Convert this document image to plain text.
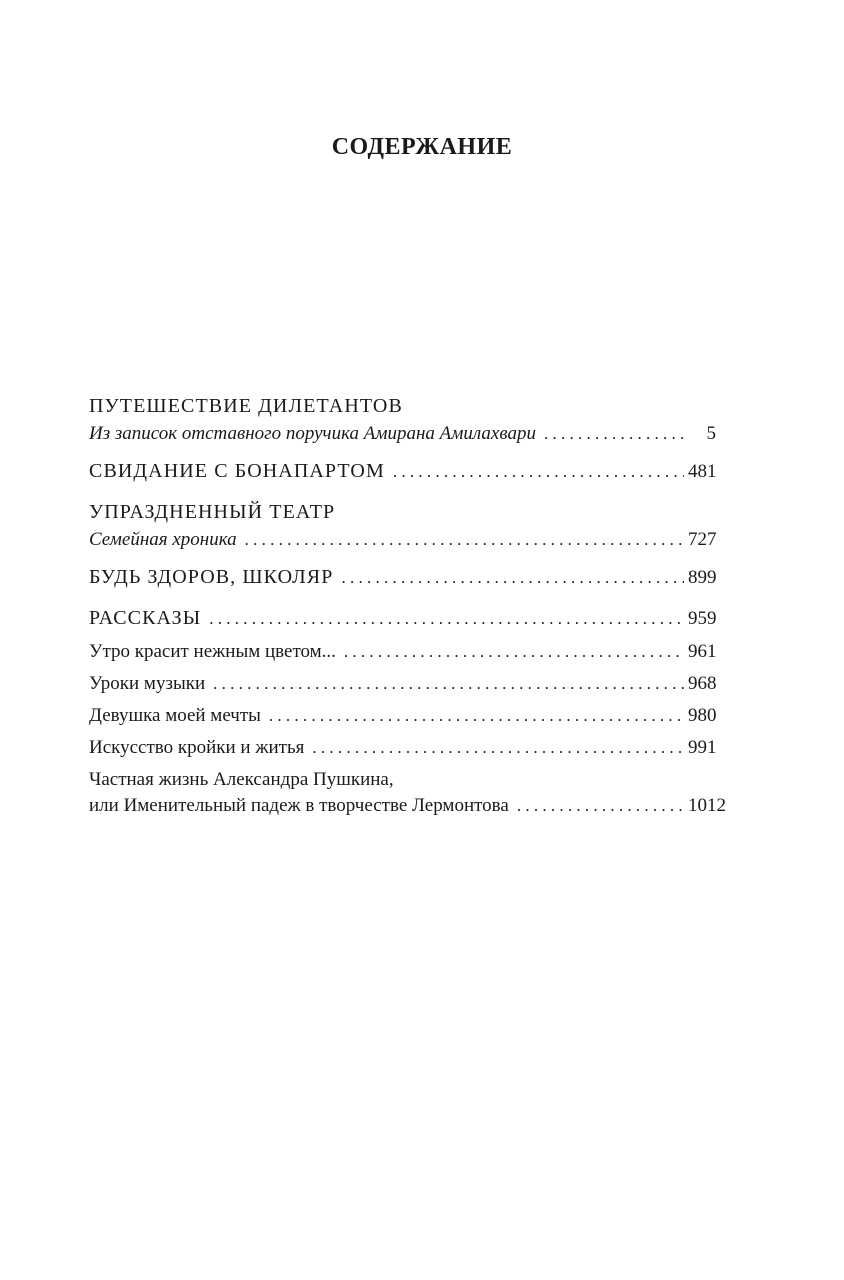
СОДЕРЖАНИЕ
ПУТЕШЕСТВИЕ ДИЛЕТАНТОВ
Из записок отставного поручика Амирана Амилахвари . . .	5
СВИДАНИЕ С БОНАПАРТОМ . . .	481
УПРАЗДНЕННЫЙ ТЕАТР
Семейная хроника . . .	727
БУДЬ ЗДОРОВ, ШКОЛЯР . . .	899
РАССКАЗЫ . . .	959
Утро красит нежным цветом... . . .	961
Уроки музыки . . .	968
Девушка моей мечты . . .	980
Искусство кройки и житья . . .	991
Частная жизнь Александра Пушкина,
или Именительный падеж в творчестве Лермонтова . . .	1012
